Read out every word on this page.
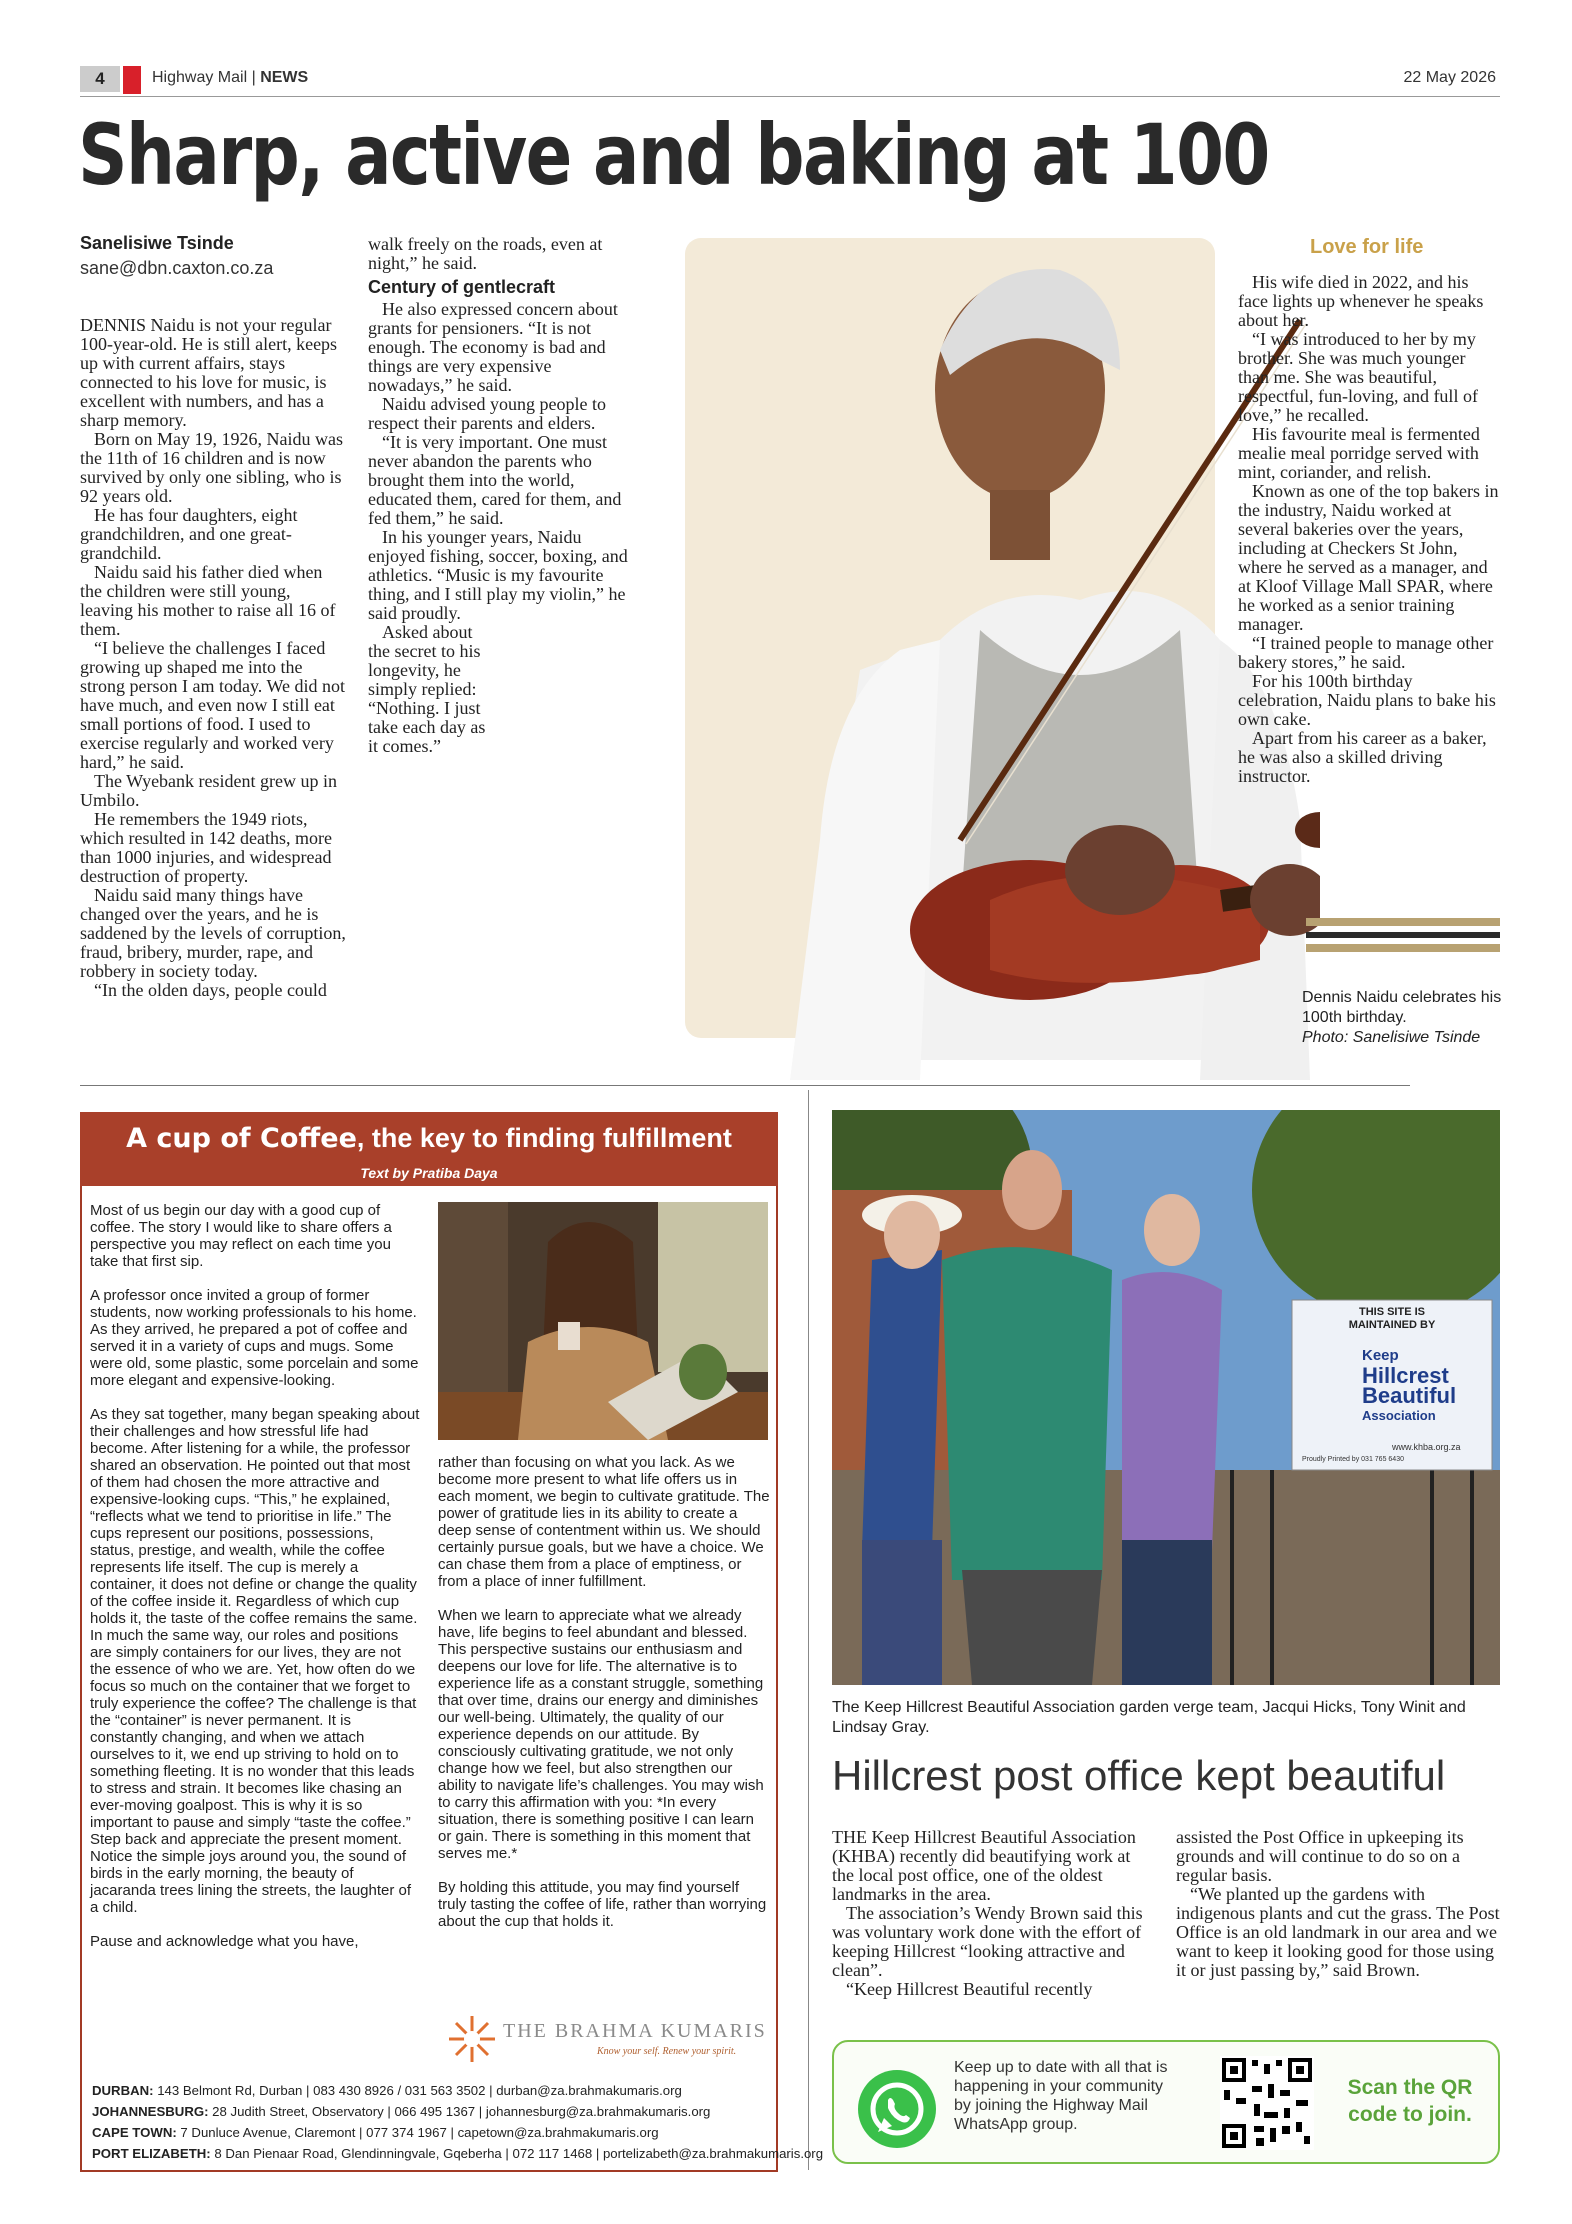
4	Highway Mail | NEWS	22 May 2026
Sharp, active and baking at 100
Sanelisiwe Tsinde
sane@dbn.caxton.co.za

DENNIS Naidu is not your regular 100-year-old. He is still alert, keeps up with current affairs, stays connected to his love for music, is excellent with numbers, and has a sharp memory.

Born on May 19, 1926, Naidu was the 11th of 16 children and is now survived by only one sibling, who is 92 years old.

He has four daughters, eight grandchildren, and one great-grandchild.

Naidu said his father died when the children were still young, leaving his mother to raise all 16 of them.

“I believe the challenges I faced growing up shaped me into the strong person I am today. We did not have much, and even now I still eat small portions of food. I used to exercise regularly and worked very hard,” he said.

The Wyebank resident grew up in Umbilo.

He remembers the 1949 riots, which resulted in 142 deaths, more than 1000 injuries, and widespread destruction of property.

Naidu said many things have changed over the years, and he is saddened by the levels of corruption, fraud, bribery, murder, rape, and robbery in society today.

“In the olden days, people could

walk freely on the roads, even at night,” he said.

Century of gentlecraft

He also expressed concern about grants for pensioners. “It is not enough. The economy is bad and things are very expensive nowadays,” he said.

Naidu advised young people to respect their parents and elders.

“It is very important. One must never abandon the parents who brought them into the world, educated them, cared for them, and fed them,” he said.

In his younger years, Naidu enjoyed fishing, soccer, boxing, and athletics. “Music is my favourite thing, and I still play my violin,” he said proudly.

Asked about the secret to his longevity, he simply replied: “Nothing. I just take each day as it comes.”

Love for life

His wife died in 2022, and his face lights up whenever he speaks about her.

“I was introduced to her by my brother. She was much younger than me. She was beautiful, respectful, fun-loving, and full of love,” he recalled.

His favourite meal is fermented mealie meal porridge served with mint, coriander, and relish.

Known as one of the top bakers in the industry, Naidu worked at several bakeries over the years, including at Checkers St John, where he served as a manager, and at Kloof Village Mall SPAR, where he worked as a senior training manager.

“I trained people to manage other bakery stores,” he said.

For his 100th birthday celebration, Naidu plans to bake his own cake.

Apart from his career as a baker, he was also a skilled driving instructor.

Dennis Naidu celebrates his 100th birthday.
Photo: Sanelisiwe Tsinde
A cup of Coffee, the key to finding fulfillment
Text by Pratiba Daya

Most of us begin our day with a good cup of coffee. The story I would like to share offers a perspective you may reflect on each time you take that first sip.

A professor once invited a group of former students, now working professionals to his home. As they arrived, he prepared a pot of coffee and served it in a variety of cups and mugs. Some were old, some plastic, some porcelain and some more elegant and expensive-looking.

As they sat together, many began speaking about their challenges and how stressful life had become. After listening for a while, the professor shared an observation. He pointed out that most of them had chosen the more attractive and expensive-looking cups. “This,” he explained, “reflects what we tend to prioritise in life.” The cups represent our positions, possessions, status, prestige, and wealth, while the coffee represents life itself. The cup is merely a container, it does not define or change the quality of the coffee inside it. Regardless of which cup holds it, the taste of the coffee remains the same. In much the same way, our roles and positions are simply containers for our lives, they are not the essence of who we are. Yet, how often do we focus so much on the container that we forget to truly experience the coffee? The challenge is that the “container” is never permanent. It is constantly changing, and when we attach ourselves to it, we end up striving to hold on to something fleeting. It is no wonder that this leads to stress and strain. It becomes like chasing an ever-moving goalpost. This is why it is so important to pause and simply “taste the coffee.” Step back and appreciate the present moment. Notice the simple joys around you, the sound of birds in the early morning, the beauty of jacaranda trees lining the streets, the laughter of a child.

Pause and acknowledge what you have,

rather than focusing on what you lack. As we become more present to what life offers us in each moment, we begin to cultivate gratitude. The power of gratitude lies in its ability to create a deep sense of contentment within us. We should certainly pursue goals, but we have a choice. We can chase them from a place of emptiness, or from a place of inner fulfillment.

When we learn to appreciate what we already have, life begins to feel abundant and blessed. This perspective sustains our enthusiasm and deepens our love for life. The alternative is to experience life as a constant struggle, something that over time, drains our energy and diminishes our well-being. Ultimately, the quality of our experience depends on our attitude. By consciously cultivating gratitude, we not only change how we feel, but also strengthen our ability to navigate life’s challenges. You may wish to carry this affirmation with you: *In every situation, there is something positive I can learn or gain. There is something in this moment that serves me.*

By holding this attitude, you may find yourself truly tasting the coffee of life, rather than worrying about the cup that holds it.

THE BRAHMA KUMARIS
Know your self. Renew your spirit.
DURBAN: 143 Belmont Rd, Durban | 083 430 8926 / 031 563 3502 | durban@za.brahmakumaris.org
JOHANNESBURG: 28 Judith Street, Observatory | 066 495 1367 | johannesburg@za.brahmakumaris.org
CAPE TOWN: 7 Dunluce Avenue, Claremont | 077 374 1967 | capetown@za.brahmakumaris.org
PORT ELIZABETH: 8 Dan Pienaar Road, Glendinningvale, Gqeberha | 072 117 1468 | portelizabeth@za.brahmakumaris.org
THIS SITE IS
MAINTAINED BY
Keep
Hillcrest
Beautiful
Association
www.khba.org.za
Proudly Printed by 031 765 6430
The Keep Hillcrest Beautiful Association garden verge team, Jacqui Hicks, Tony Winit and Lindsay Gray.
Hillcrest post office kept beautiful

THE Keep Hillcrest Beautiful Association (KHBA) recently did beautifying work at the local post office, one of the oldest landmarks in the area.

The association’s Wendy Brown said this was voluntary work done with the effort of keeping Hillcrest “looking attractive and clean”.

“Keep Hillcrest Beautiful recently

assisted the Post Office in upkeeping its grounds and will continue to do so on a regular basis.

“We planted up the gardens with indigenous plants and cut the grass. The Post Office is an old landmark in our area and we want to keep it looking good for those using it or just passing by,” said Brown.

Keep up to date with all that is happening in your community by joining the Highway Mail WhatsApp group.
Scan the QR code to join.
